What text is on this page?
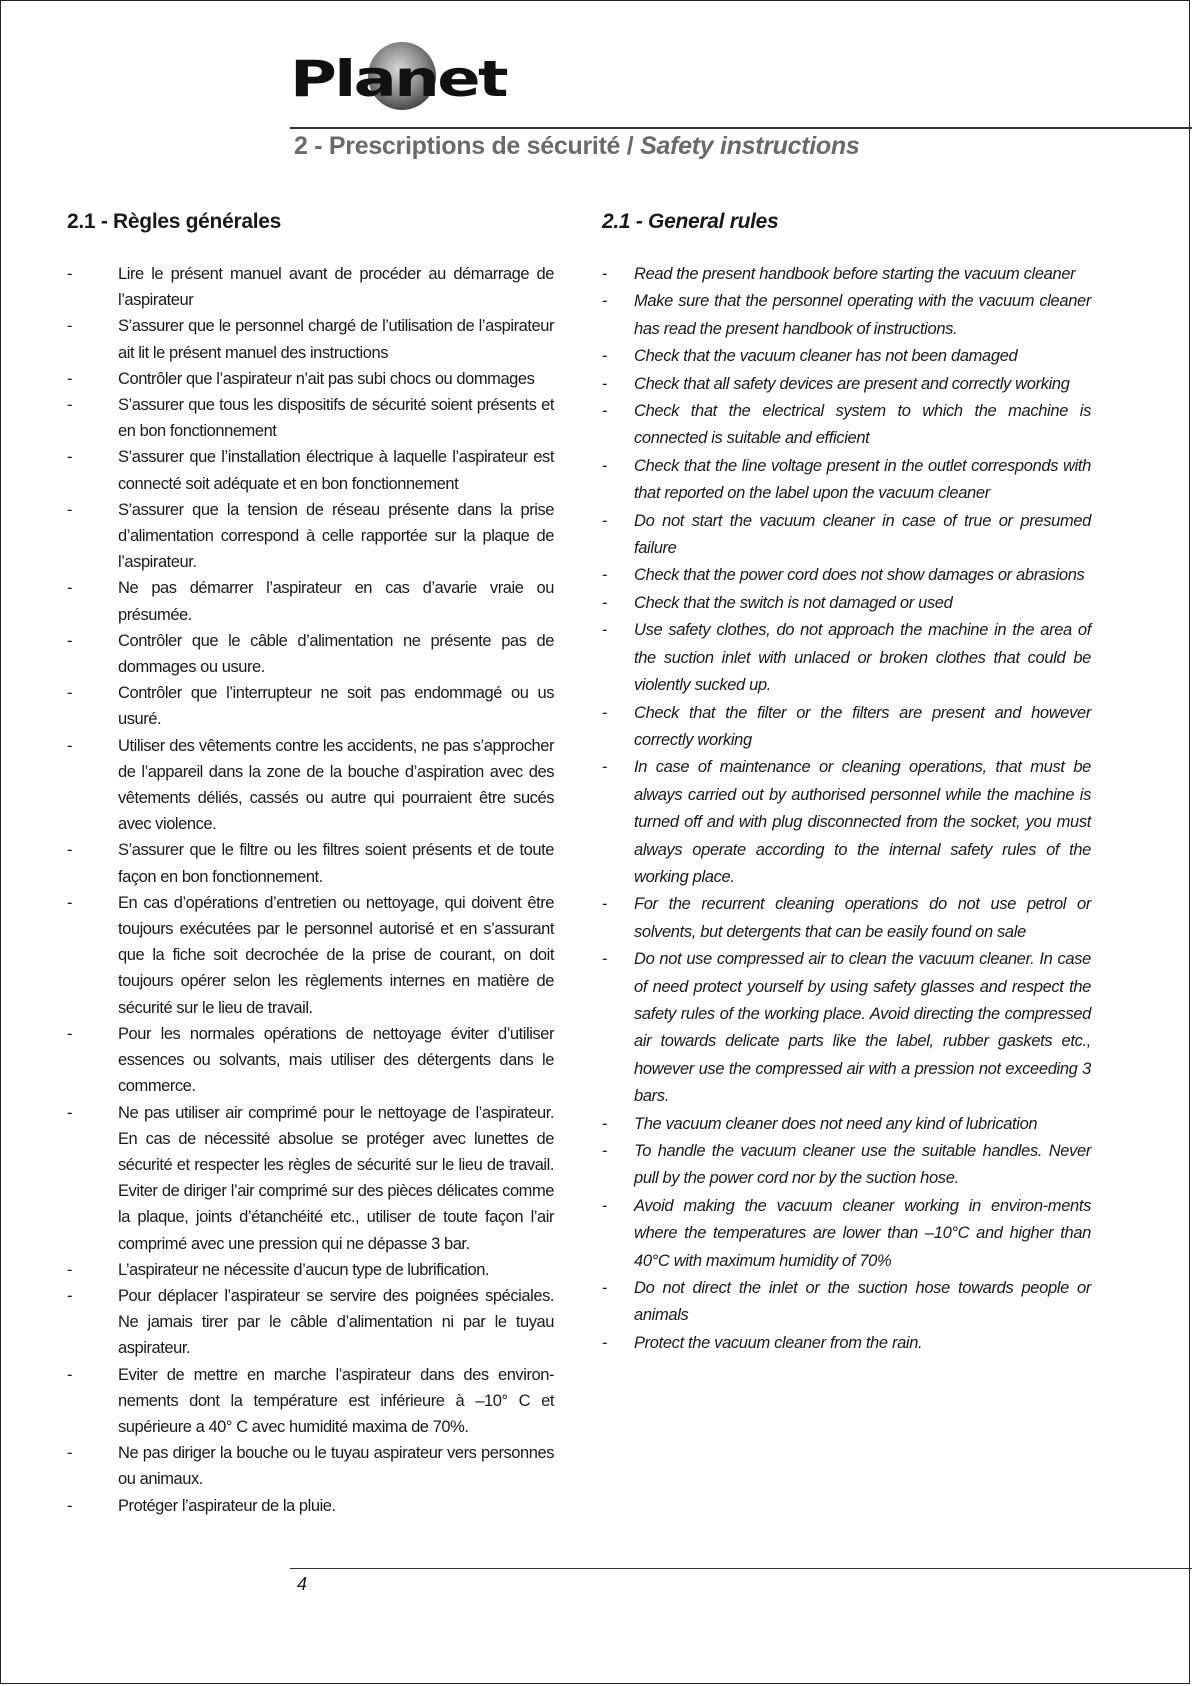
Planet
2 - Prescriptions de sécurité / Safety instructions
2.1 - Règles générales
- Lire le présent manuel avant de procéder au démarrage de l’aspirateur
- S’assurer que le personnel chargé de l’utilisation de l’aspirateur ait lit le présent manuel des instructions
- Contrôler que l’aspirateur n’ait pas subi chocs ou dommages
- S’assurer que tous les dispositifs de sécurité soient présents et en bon fonctionnement
- S’assurer que l’installation électrique à laquelle l’aspirateur est connecté soit adéquate et en bon fonctionnement
- S’assurer que la tension de réseau présente dans la prise d’alimentation correspond à celle rapportée sur la plaque de l’aspirateur.
- Ne pas démarrer l’aspirateur en cas d’avarie vraie ou présumée.
- Contrôler que le câble d’alimentation ne présente pas de dommages ou usure.
- Contrôler que l’interrupteur ne soit pas endommagé ou us usuré.
- Utiliser des vêtements contre les accidents, ne pas s’approcher de l’appareil dans la zone de la bouche d’aspiration avec des vêtements déliés, cassés ou autre qui pourraient être sucés avec violence.
- S’assurer que le filtre ou les filtres soient présents et de toute façon en bon fonctionnement.
- En cas d’opérations d’entretien ou nettoyage, qui doivent être toujours exécutées par le personnel autorisé et en s’assurant que la fiche soit decrochée de la prise de courant, on doit toujours opérer selon les règlements internes en matière de sécurité sur le lieu de travail.
- Pour les normales opérations de nettoyage éviter d’utiliser essences ou solvants, mais utiliser des détergents dans le commerce.
- Ne pas utiliser air comprimé pour le nettoyage de l’aspirateur. En cas de nécessité absolue se protéger avec lunettes de sécurité et respecter les règles de sécurité sur le lieu de travail. Eviter de diriger l’air comprimé sur des pièces délicates comme la plaque, joints d’étanchéité etc., utiliser de toute façon l’air comprimé avec une pression qui ne dépasse 3 bar.
- L’aspirateur ne nécessite d’aucun type de lubrification.
- Pour déplacer l’aspirateur se servire des poignées spéciales. Ne jamais tirer par le câble d’alimentation ni par le tuyau aspirateur.
- Eviter de mettre en marche l’aspirateur dans des environ-nements dont la température est inférieure à –10° C et supérieure a 40° C avec humidité maxima de 70%.
- Ne pas diriger la bouche ou le tuyau aspirateur vers personnes ou animaux.
- Protéger l’aspirateur de la pluie.
2.1 - General rules
- Read the present handbook before starting the vacuum cleaner
- Make sure that the personnel operating with the vacuum cleaner has read the present handbook of instructions.
- Check that the vacuum cleaner has not been damaged
- Check that all safety devices are present and correctly working
- Check that the electrical system to which the machine is connected is suitable and efficient
- Check that the line voltage present in the outlet corresponds with that reported on the label upon the vacuum cleaner
- Do not start the vacuum cleaner in case of true or presumed failure
- Check that the power cord does not show damages or abrasions
- Check that the switch is not damaged or used
- Use safety clothes, do not approach the machine in the area of the suction inlet with unlaced or broken clothes that could be violently sucked up.
- Check that the filter or the filters are present and however correctly working
- In case of maintenance or cleaning operations, that must be always carried out by authorised personnel while the machine is turned off and with plug disconnected from the socket, you must always operate according to the internal safety rules of the working place.
- For the recurrent cleaning operations do not use petrol or solvents, but detergents that can be easily found on sale
- Do not use compressed air to clean the vacuum cleaner. In case of need protect yourself by using safety glasses and respect the safety rules of the working place. Avoid directing the compressed air towards delicate parts like the label, rubber gaskets etc., however use the compressed air with a pression not exceeding 3 bars.
- The vacuum cleaner does not need any kind of lubrication
- To handle the vacuum cleaner use the suitable handles. Never pull by the power cord nor by the suction hose.
- Avoid making the vacuum cleaner working in environ-ments where the temperatures are lower than –10°C and higher than 40°C with maximum humidity of 70%
- Do not direct the inlet or the suction hose towards people or animals
- Protect the vacuum cleaner from the rain.
4
